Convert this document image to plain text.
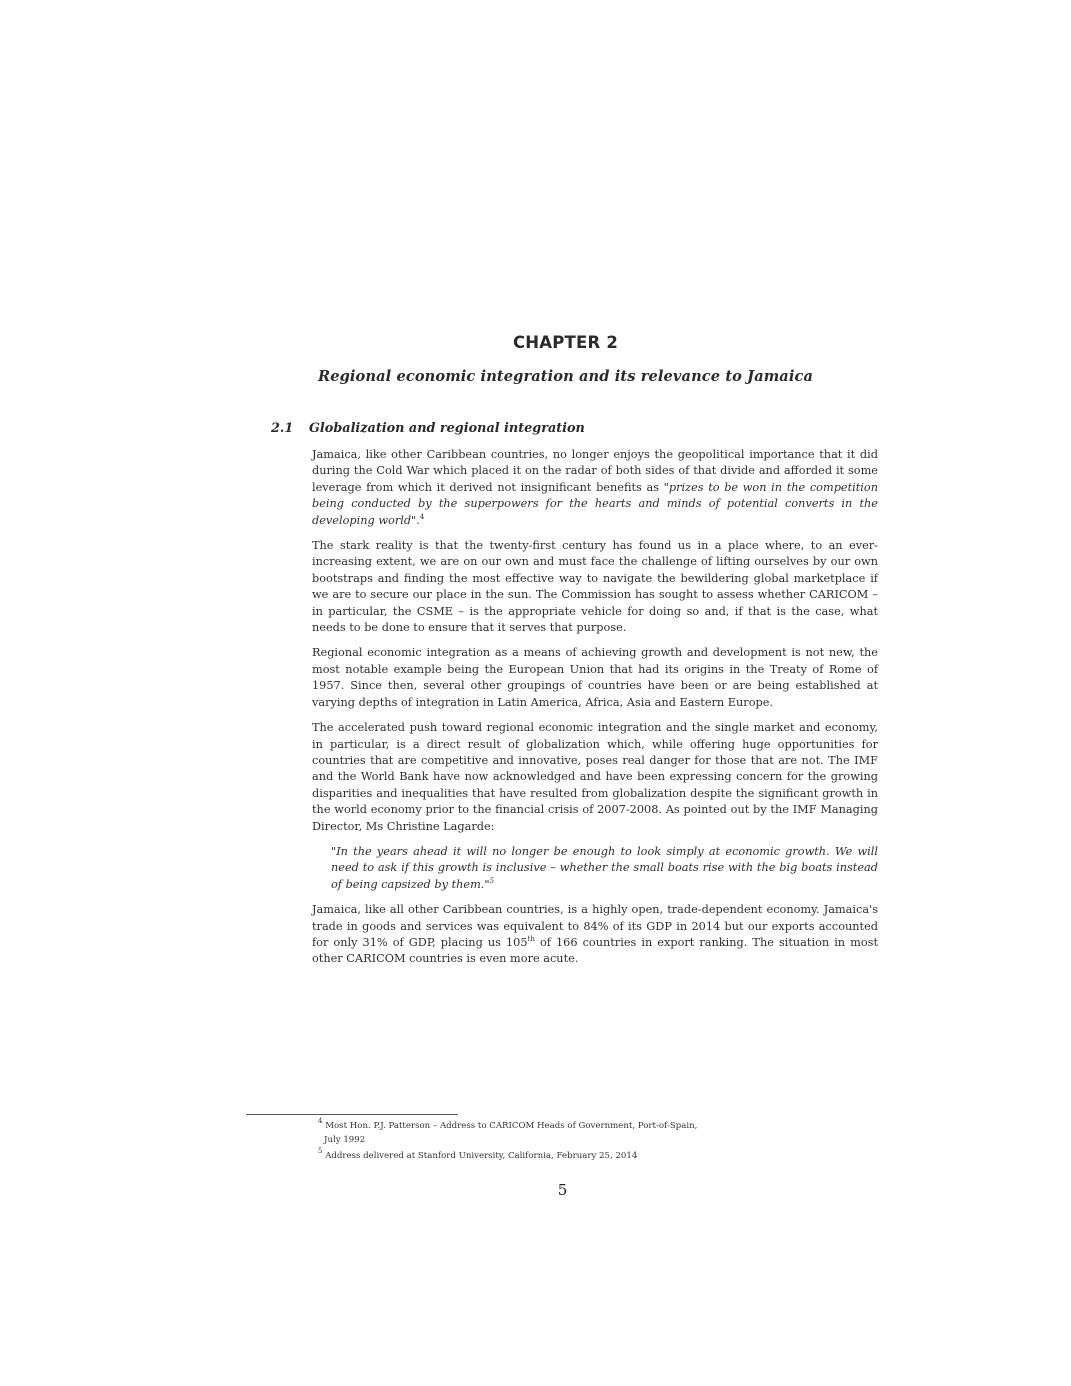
CHAPTER 2
Regional economic integration and its relevance to Jamaica
2.1 Globalization and regional integration

Jamaica, like other Caribbean countries, no longer enjoys the geopolitical importance that it did during the Cold War which placed it on the radar of both sides of that divide and afforded it some leverage from which it derived not insignificant benefits as "prizes to be won in the competition being conducted by the superpowers for the hearts and minds of potential converts in the developing world".$^4$

The stark reality is that the twenty-first century has found us in a place where, to an ever-increasing extent, we are on our own and must face the challenge of lifting ourselves by our own bootstraps and finding the most effective way to navigate the bewildering global marketplace if we are to secure our place in the sun. The Commission has sought to assess whether CARICOM – in particular, the CSME – is the appropriate vehicle for doing so and, if that is the case, what needs to be done to ensure that it serves that purpose.

Regional economic integration as a means of achieving growth and development is not new, the most notable example being the European Union that had its origins in the Treaty of Rome of 1957. Since then, several other groupings of countries have been or are being established at varying depths of integration in Latin America, Africa, Asia and Eastern Europe.

The accelerated push toward regional economic integration and the single market and economy, in particular, is a direct result of globalization which, while offering huge opportunities for countries that are competitive and innovative, poses real danger for those that are not. The IMF and the World Bank have now acknowledged and have been expressing concern for the growing disparities and inequalities that have resulted from globalization despite the significant growth in the world economy prior to the financial crisis of 2007-2008. As pointed out by the IMF Managing Director, Ms Christine Lagarde:

"In the years ahead it will no longer be enough to look simply at economic growth. We will need to ask if this growth is inclusive – whether the small boats rise with the big boats instead of being capsized by them."$^5$

Jamaica, like all other Caribbean countries, is a highly open, trade-dependent economy. Jamaica's trade in goods and services was equivalent to 84% of its GDP in 2014 but our exports accounted for only 31% of GDP, placing us 105th of 166 countries in export ranking. The situation in most other CARICOM countries is even more acute.

$^4$ Most Hon. P.J. Patterson – Address to CARICOM Heads of Government, Port-of-Spain,
July 1992
$^5$ Address delivered at Stanford University, California, February 25, 2014
5
